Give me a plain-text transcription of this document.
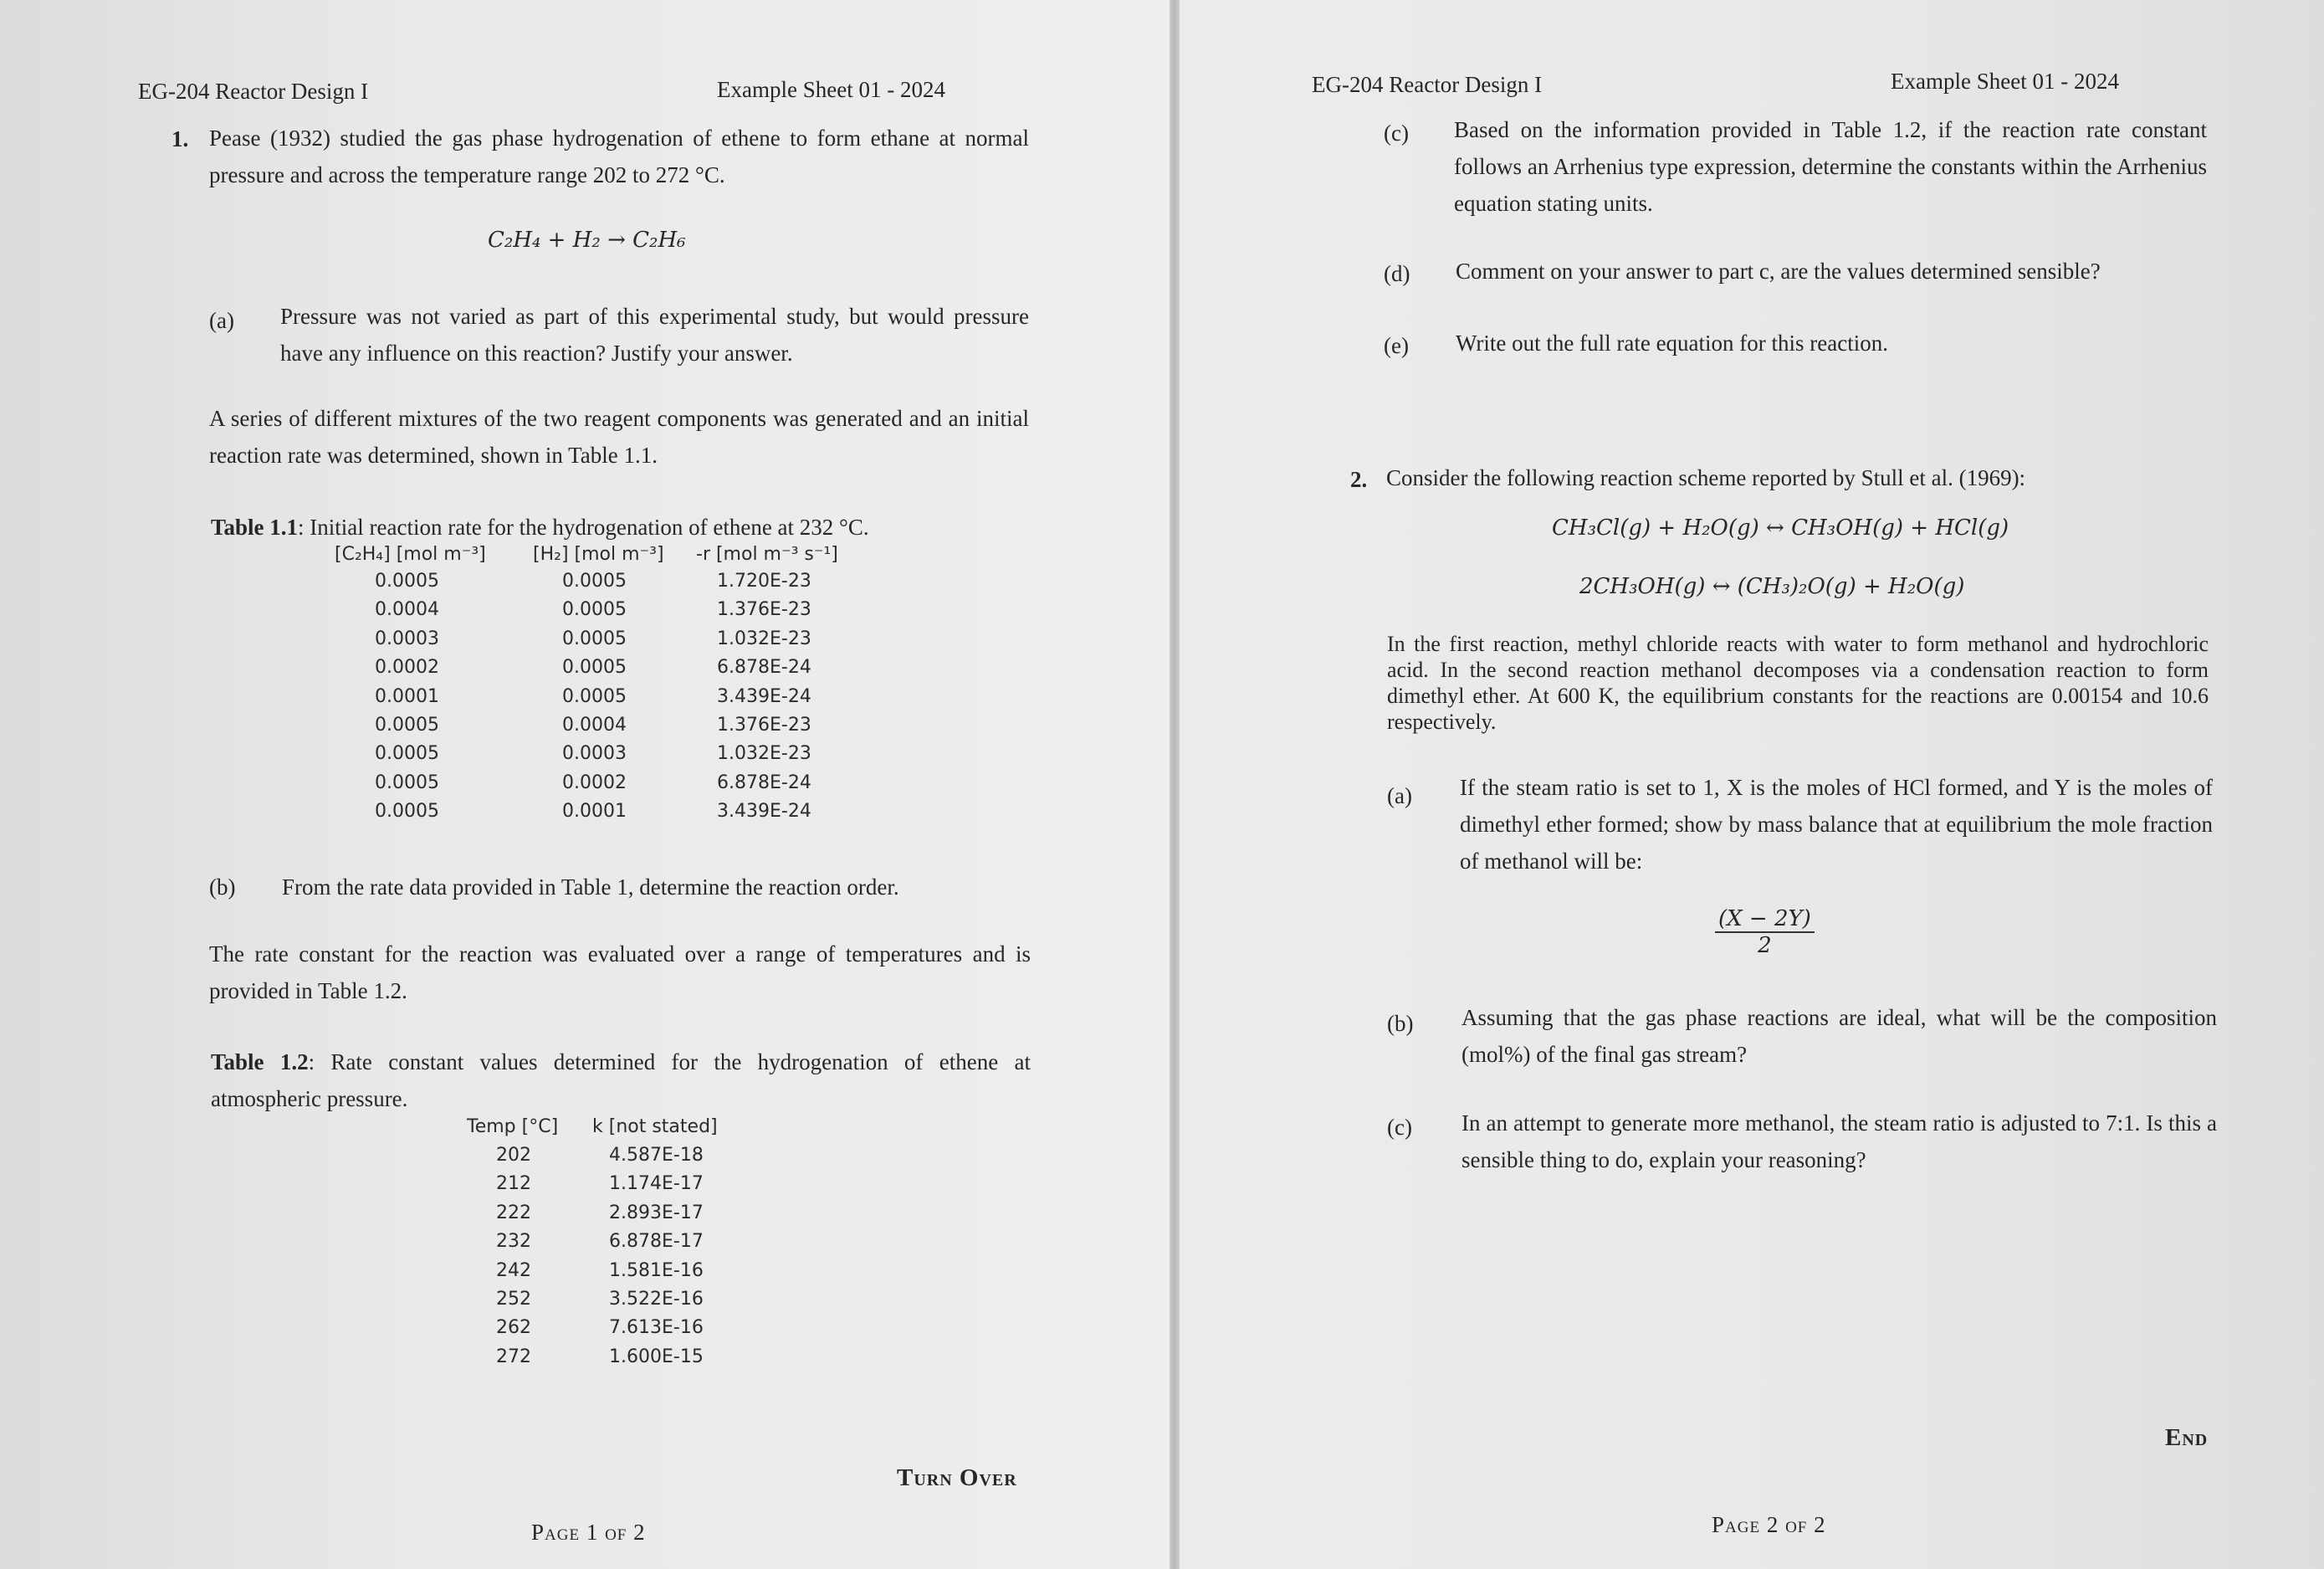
EG-204 Reactor Design I	Example Sheet 01 - 2024
1. Pease (1932) studied the gas phase hydrogenation of ethene to form ethane at normal pressure and across the temperature range 202 to 272 °C.
C₂H₄ + H₂ → C₂H₆
(a) Pressure was not varied as part of this experimental study, but would pressure have any influence on this reaction? Justify your answer.
A series of different mixtures of the two reagent components was generated and an initial reaction rate was determined, shown in Table 1.1.
Table 1.1: Initial reaction rate for the hydrogenation of ethene at 232 °C.
[C₂H₄] [mol m⁻³]	[H₂] [mol m⁻³] -r [mol m⁻³ s⁻¹]
0.0005	0.0005	1.720E-23
0.0004	0.0005	1.376E-23
0.0003	0.0005	1.032E-23
0.0002	0.0005	6.878E-24
0.0001	0.0005	3.439E-24
0.0005	0.0004	1.376E-23
0.0005	0.0003	1.032E-23
0.0005	0.0002	6.878E-24
0.0005	0.0001	3.439E-24
(b) From the rate data provided in Table 1, determine the reaction order.
The rate constant for the reaction was evaluated over a range of temperatures and is provided in Table 1.2.
Table 1.2: Rate constant values determined for the hydrogenation of ethene at atmospheric pressure.
Temp [°C] k [not stated]
202	4.587E-18
212	1.174E-17
222	2.893E-17
232	6.878E-17
242	1.581E-16
252	3.522E-16
262	7.613E-16
272	1.600E-15
Turn Over
Page 1 of 2
EG-204 Reactor Design I	Example Sheet 01 - 2024
(c) Based on the information provided in Table 1.2, if the reaction rate constant follows an Arrhenius type expression, determine the constants within the Arrhenius equation stating units.
(d) Comment on your answer to part c, are the values determined sensible?
(e) Write out the full rate equation for this reaction.
2. Consider the following reaction scheme reported by Stull et al. (1969):
CH₃Cl(g) + H₂O(g) ↔ CH₃OH(g) + HCl(g)
2CH₃OH(g) ↔ (CH₃)₂O(g) + H₂O(g)
In the first reaction, methyl chloride reacts with water to form methanol and hydrochloric acid. In the second reaction methanol decomposes via a condensation reaction to form dimethyl ether. At 600 K, the equilibrium constants for the reactions are 0.00154 and 10.6 respectively.
(a) If the steam ratio is set to 1, X is the moles of HCl formed, and Y is the moles of dimethyl ether formed; show by mass balance that at equilibrium the mole fraction of methanol will be:
$\frac{(X - 2Y)}{2}$
(b) Assuming that the gas phase reactions are ideal, what will be the composition (mol%) of the final gas stream?
(c) In an attempt to generate more methanol, the steam ratio is adjusted to 7:1. Is this a sensible thing to do, explain your reasoning?
End
Page 2 of 2
